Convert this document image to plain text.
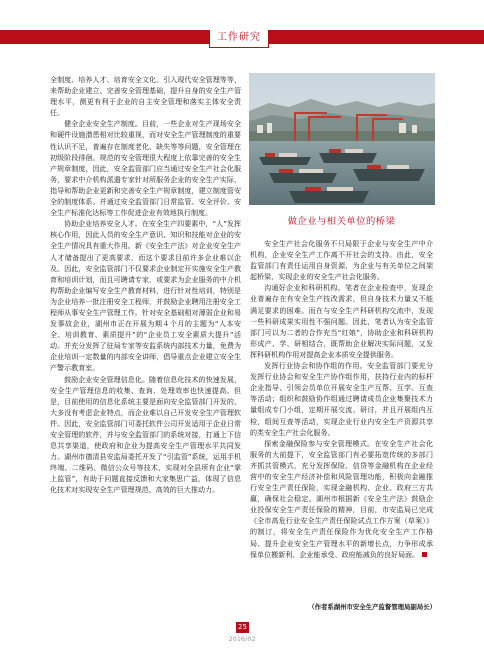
工作研究

全制度、培养人才、培育安全文化、引入现代安全管理等等，来帮助企业建立、完善安全管理基础，提升自身的安全生产管理水平，测更有利于企业的自主安全管理和落实主体安全责任。

健全企业安全生产制度。目前，一些企业对生产现场安全和硬件设施潜患相对比较重视，而对安全生产管理制度的重要性认识不足，普遍存在制度老化、缺失等等问题，安全管理在初级阶段徘徊。规范的安全管理很大程度上依靠完善的安全生产规章制度，因此，安全监管部门应当通过安全生产社会化服务，要求中介机构派遣专家针对所服务企业的安全生产实际，指导和帮助企业更新和完善安全生产规章制度，建立制度管安全的制度体系。并通过安全监管部门日常监管、安全评价、安全生产标准化达标等工作促进企业有效地执行制度。

协助企业培养安全人才。在安全生产四要素中，“人”发挥核心作用，因此人员的安全生产意识、知识和技能对企业的安全生产情况具有重大作用。新《安全生产法》对企业安全生产人才储备提出了更高要求，而这个要求目前许多企业难以企及。因此，安全监管部门不仅要求企业制定开实施安全生产教育和培训计划，而且可聘请专家，或要求为企业服务的中介机构帮助企业编写安全生产教育材料，进行针对性培训，特别是为企业培养一批注册安全工程师，并鼓励企业聘用注册安全工程师从事安全生产管理工作。针对安全基础相对薄弱企业和易发事故企业，湖州市正在开展为期４个月的主题为“人本安全、培训教育、素质提升”的“企业员工安全素质大提升”活动。并充分发挥了驻局专家等安监系统内部技术力量，免费为企业培训一定数量的内部安全讲师，倡导重点企业建立安全生产警示教育室。

鼓励企业安全管理信息化。随着信息化技术的快速发展，安全生产管理信息的收集、查询、处理效率也快速提高。但是，目前使用的信息化系统主要是面向安全监管部门开发的，大多没有考虑企业特点，而企业难以自己开发安全生产管理软件。因此，安全监管部门可委托软件公司开发适用于企业日常安全管理的软件，并与安全监管部门的系统对接，打通上下信息共享渠道，使政府和企业为提高安全生产管理水平共同发力。湖州市德清县安监局委托开发了“引监管”系统，运用手机终端、二维码、微信公众号等技术，实现对全县所有企业“掌上监管”，有助于问题直接反馈和大家集思广益，体现了信息化技术对实现安全生产管理规范、高效的巨大推动力。

做企业与相关单位的桥梁

安全生产社会化服务不只局限于企业与安全生产中介机构，企业安全生产工作离不开社会的支持。由此，安全监管部门有责任运用自身资源，为企业与有关单位之间架起桥梁，实现企业的安全生产社会化服务。

沟通好企业和科研机构。笔者在企业检查中，发现企业普遍存在有安全生产技改需求，但自身技术力量又不能满足要求的困难。而在与安全生产科研机构交流中，发现一些科研成果实用性不强问题。因此，笔者认为安全监管部门可以为二者的合作充当“红娘”，协助企业和科研机构形成产、学、研相结合，既帮助企业解决实际问题，又发挥科研机构作用对提高企业本质安全提供服务。

发挥行业协会和协作组的作用。安全监管部门要充分发挥行业协会和安全生产协作组作用，扶持行业内的标杆企业指导、引领会员单位开展安全生产互帮、互学、互查等活动；组织和鼓励协作组通过聘请成员企业集聚技术力量组成专门小组，定期开展交流、研讨，并且开展组内互检，组间互查等活动，实现企业行业内安全生产资源共享的类安全生产社会化服务。

探索金融保险参与安全管理模式。在安全生产社会化服务的大前提下，安全监管部门有必要拓宽传统的多部门齐抓共管模式，充分发挥保险、信贷等金融机构在企业经营中的安全生产经济补偿和风险管理功能，积极向金融推行安全生产责任保险，实现金融机构、企业、政府三方共赢，确保社会稳定。湖州市根据新《安全生产法》鼓励企业投保安全生产责任保险的精神，目前，市安监局已完成《全市高危行业安全生产责任保险试点工作方案（草案）》的制订，将安全生产责任保险作为优化安全生产工作格局、提升企业安全生产管理水平的新增长点，力争形成承保单位搬新利、企业能承受、政府能减负的良好局面。

（作者系湖州市安全生产监督管理局副局长）
25
2016/02
